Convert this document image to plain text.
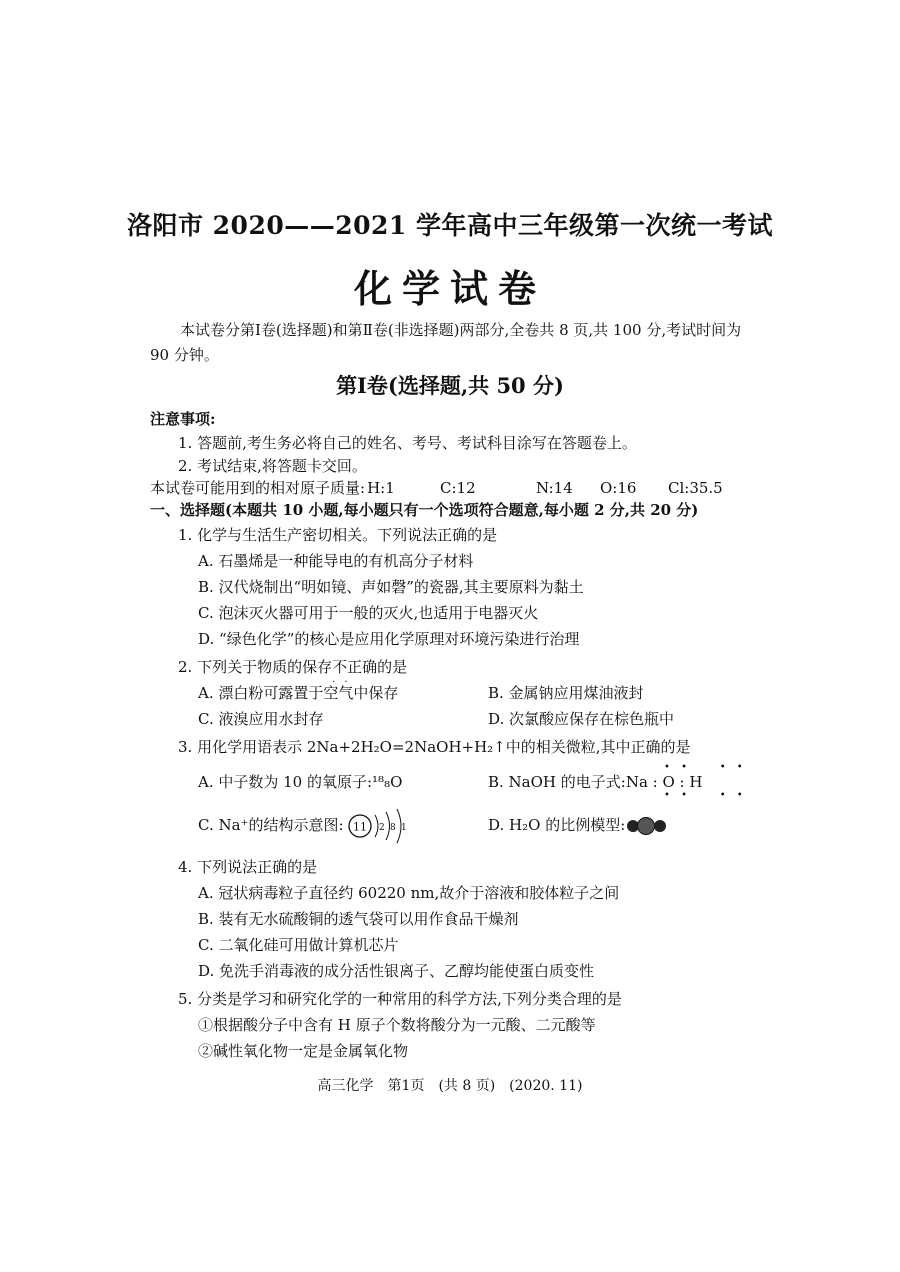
洛阳市 2020——2021 学年高中三年级第一次统一考试
化学试卷
本试卷分第Ⅰ卷(选择题)和第Ⅱ卷(非选择题)两部分,全卷共 8 页,共 100 分,考试时间为 90 分钟。
第Ⅰ卷(选择题,共 50 分)
注意事项:
1. 答题前,考生务必将自己的姓名、考号、考试科目涂写在答题卷上。
2. 考试结束,将答题卡交回。
本试卷可能用到的相对原子质量: H:1	C:12	N:14 O:16 Cl:35.5
一、选择题(本题共 10 小题,每小题只有一个选项符合题意,每小题 2 分,共 20 分)
1. 化学与生活生产密切相关。下列说法正确的是
A. 石墨烯是一种能导电的有机高分子材料
B. 汉代烧制出“明如镜、声如磬”的瓷器,其主要原料为黏土
C. 泡沫灭火器可用于一般的灭火,也适用于电器灭火
D. “绿色化学”的核心是应用化学原理对环境污染进行治理
2. 下列关于物质的保存不正确 · ·的是
A. 漂白粉可露置于空气中保存	B. 金属钠应用煤油液封
C. 液溴应用水封存	D. 次氯酸应保存在棕色瓶中
3. 用化学用语表示 2Na+2H₂O=2NaOH+H₂↑中的相关微粒,其中正确的是
A. 中子数为 10 的氧原子:¹⁸₈O	B. NaOH 的电子式:Na : O : H
• •    • •
• •    • •
C. Na⁺的结构示意图: 11 2 8 1	D. H₂O 的比例模型:
4. 下列说法正确的是
A. 冠状病毒粒子直径约 60220 nm,故介于溶液和胶体粒子之间
B. 装有无水硫酸铜的透气袋可以用作食品干燥剂
C. 二氧化硅可用做计算机芯片
D. 免洗手消毒液的成分活性银离子、乙醇均能使蛋白质变性
5. 分类是学习和研究化学的一种常用的科学方法,下列分类合理的是
①根据酸分子中含有 H 原子个数将酸分为一元酸、二元酸等
②碱性氧化物一定是金属氧化物
高三化学　第1页　(共 8 页)　(2020. 11)
